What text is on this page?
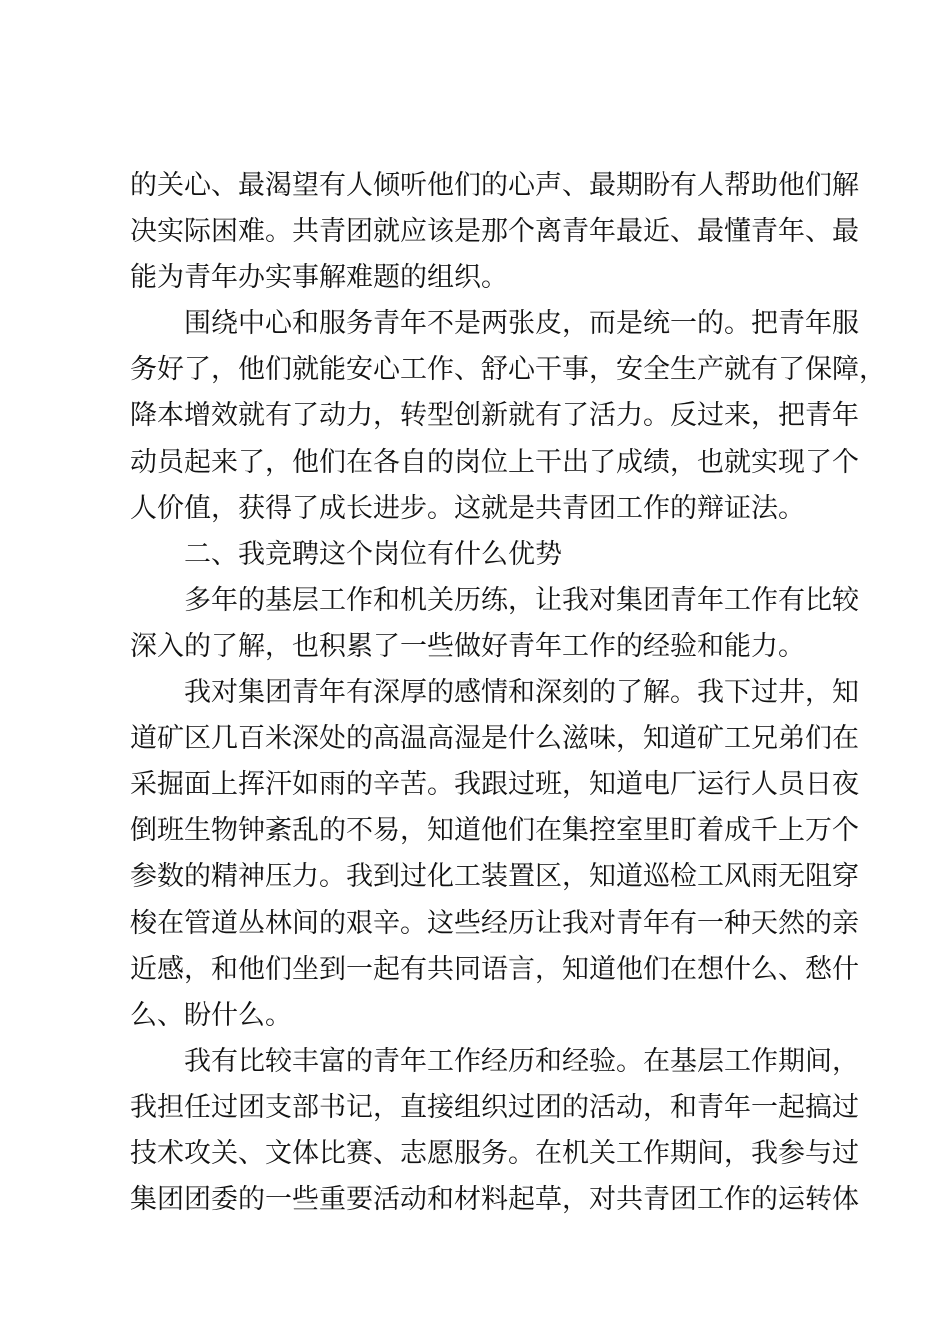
的关心、最渴望有人倾听他们的心声、最期盼有人帮助他们解
决实际困难。共青团就应该是那个离青年最近、最懂青年、最
能为青年办实事解难题的组织。
围绕中心和服务青年不是两张皮，而是统一的。把青年服
务好了，他们就能安心工作、舒心干事，安全生产就有了保障，
降本增效就有了动力，转型创新就有了活力。反过来，把青年
动员起来了，他们在各自的岗位上干出了成绩，也就实现了个
人价值，获得了成长进步。这就是共青团工作的辩证法。
二、我竞聘这个岗位有什么优势
多年的基层工作和机关历练，让我对集团青年工作有比较
深入的了解，也积累了一些做好青年工作的经验和能力。
我对集团青年有深厚的感情和深刻的了解。我下过井，知
道矿区几百米深处的高温高湿是什么滋味，知道矿工兄弟们在
采掘面上挥汗如雨的辛苦。我跟过班，知道电厂运行人员日夜
倒班生物钟紊乱的不易，知道他们在集控室里盯着成千上万个
参数的精神压力。我到过化工装置区，知道巡检工风雨无阻穿
梭在管道丛林间的艰辛。这些经历让我对青年有一种天然的亲
近感，和他们坐到一起有共同语言，知道他们在想什么、愁什
么、盼什么。
我有比较丰富的青年工作经历和经验。在基层工作期间，
我担任过团支部书记，直接组织过团的活动，和青年一起搞过
技术攻关、文体比赛、志愿服务。在机关工作期间，我参与过
集团团委的一些重要活动和材料起草，对共青团工作的运转体
